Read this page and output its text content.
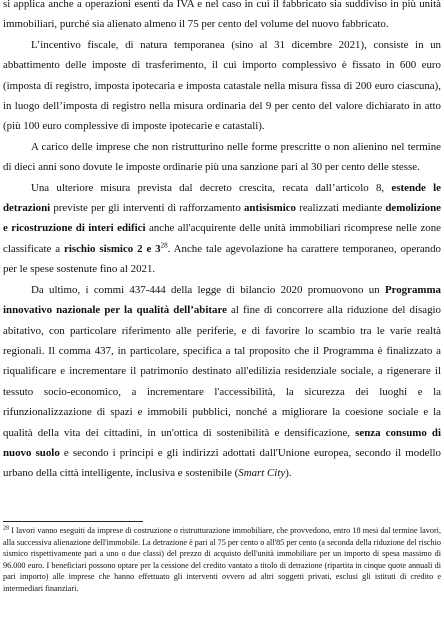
si applica anche a operazioni esenti da IVA e nel caso in cui il fabbricato sia suddiviso in più unità immobiliari, purché sia alienato almeno il 75 per cento del volume del nuovo fabbricato.

L’incentivo fiscale, di natura temporanea (sino al 31 dicembre 2021), consiste in un abbattimento delle imposte di trasferimento, il cui importo complessivo è fissato in 600 euro (imposta di registro, imposta ipotecaria e imposta catastale nella misura fissa di 200 euro ciascuna), in luogo dell’imposta di registro nella misura ordinaria del 9 per cento del valore dichiarato in atto (più 100 euro complessive di imposte ipotecarie e catastali).

A carico delle imprese che non ristrutturino nelle forme prescritte o non alienino nel termine di dieci anni sono dovute le imposte ordinarie più una sanzione pari al 30 per cento delle stesse.

Una ulteriore misura prevista dal decreto crescita, recata dall’articolo 8, estende le detrazioni previste per gli interventi di rafforzamento antisismico realizzati mediante demolizione e ricostruzione di interi edifici anche all'acquirente delle unità immobiliari ricomprese nelle zone classificate a rischio sismico 2 e 3$^{28}$. Anche tale agevolazione ha carattere temporaneo, operando per le spese sostenute fino al 2021.

Da ultimo, i commi 437-444 della legge di bilancio 2020 promuovono un Programma innovativo nazionale per la qualità dell’abitare al fine di concorrere alla riduzione del disagio abitativo, con particolare riferimento alle periferie, e di favorire lo scambio tra le varie realtà regionali. Il comma 437, in particolare, specifica a tal proposito che il Programma è finalizzato a riqualificare e incrementare il patrimonio destinato all'edilizia residenziale sociale, a rigenerare il tessuto socio-economico, a incrementare l'accessibilità, la sicurezza dei luoghi e la rifunzionalizzazione di spazi e immobili pubblici, nonché a migliorare la coesione sociale e la qualità della vita dei cittadini, in un'ottica di sostenibilità e densificazione, senza consumo di nuovo suolo e secondo i principi e gli indirizzi adottati dall'Unione europea, secondo il modello urbano della città intelligente, inclusiva e sostenibile (Smart City).

$^{28}$ I lavori vanno eseguiti da imprese di costruzione o ristrutturazione immobiliare, che provvedono, entro 18 mesi dal termine lavori, alla successiva alienazione dell'immobile. La detrazione è pari al 75 per cento o all'85 per cento (a seconda della riduzione del rischio sismico rispettivamente pari a uno o due classi) del prezzo di acquisto dell'unità immobiliare per un importo di spesa massimo di 96.000 euro. I beneficiari possono optare per la cessione del credito vantato a titolo di detrazione (ripartita in cinque quote annuali di pari importo) alle imprese che hanno effettuato gli interventi ovvero ad altri soggetti privati, esclusi gli istituti di credito e intermediari finanziari.
